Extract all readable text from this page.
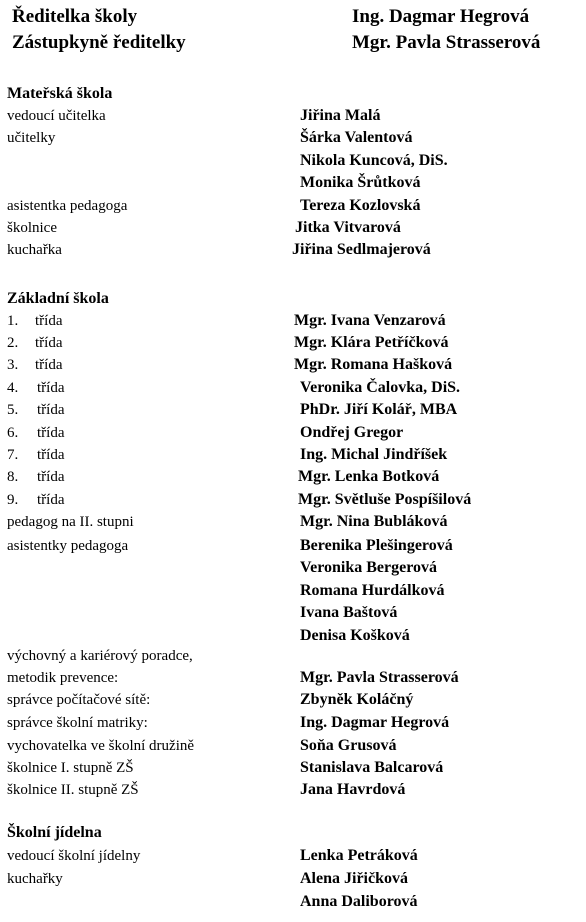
Ředitelka školy	Ing. Dagmar Hegrová
Zástupkyně ředitelky	Mgr. Pavla Strasserová
Mateřská škola
vedoucí učitelka	Jiřina Malá
učitelky	Šárka Valentová
Nikola Kuncová, DiS.
Monika Šrůtková
asistentka pedagoga	Tereza Kozlovská
školnice	Jitka Vitvarová
kuchařka	Jiřina Sedlmajerová
Základní škola
1. třída	Mgr. Ivana Venzarová
2. třída	Mgr. Klára Petříčková
3. třída	Mgr. Romana Hašková
4. třída	Veronika Čalovka, DiS.
5. třída	PhDr. Jiří Kolář, MBA
6. třída	Ondřej Gregor
7. třída	Ing. Michal Jindříšek
8. třída	Mgr. Lenka Botková
9. třída	Mgr. Světluše Pospíšilová
pedagog na II. stupni	Mgr. Nina Bubláková
asistentky pedagoga	Berenika Plešingerová
Veronika Bergerová
Romana Hurdálková
Ivana Baštová
Denisa Košková
výchovný a kariérový poradce,
metodik prevence:	Mgr. Pavla Strasserová
správce počítačové sítě:	Zbyněk Koláčný
správce školní matriky:	Ing. Dagmar Hegrová
vychovatelka ve školní družině	Soňa Grusová
školnice I. stupně ZŠ	Stanislava Balcarová
školnice II. stupně ZŠ	Jana Havrdová
Školní jídelna
vedoucí školní jídelny	Lenka Petráková
kuchařky	Alena Jiřičková
Anna Daliborová
